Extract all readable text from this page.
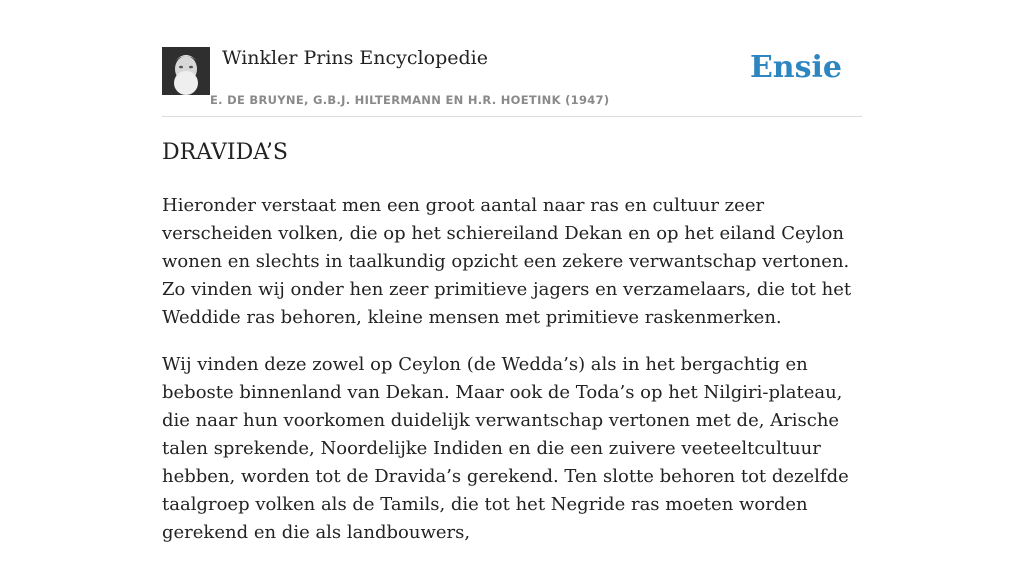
Winkler Prins Encyclopedie
E. DE BRUYNE, G.B.J. HILTERMANN EN H.R. HOETINK (1947)
Ensie
DRAVIDA’S

Hieronder verstaat men een groot aantal naar ras en cultuur zeer verscheiden volken, die op het schiereiland Dekan en op het eiland Ceylon wonen en slechts in taalkundig opzicht een zekere verwantschap vertonen. Zo vinden wij onder hen zeer primitieve jagers en verzamelaars, die tot het Weddide ras behoren, kleine mensen met primitieve raskenmerken.

Wij vinden deze zowel op Ceylon (de Wedda’s) als in het bergachtig en beboste binnenland van Dekan. Maar ook de Toda’s op het Nilgiri-plateau, die naar hun voorkomen duidelijk verwantschap vertonen met de, Arische talen sprekende, Noordelijke Indiden en die een zuivere veeteeltcultuur hebben, worden tot de Dravida’s gerekend. Ten slotte behoren tot dezelfde taalgroep volken als de Tamils, die tot het Negride ras moeten worden gerekend en die als landbouwers,
